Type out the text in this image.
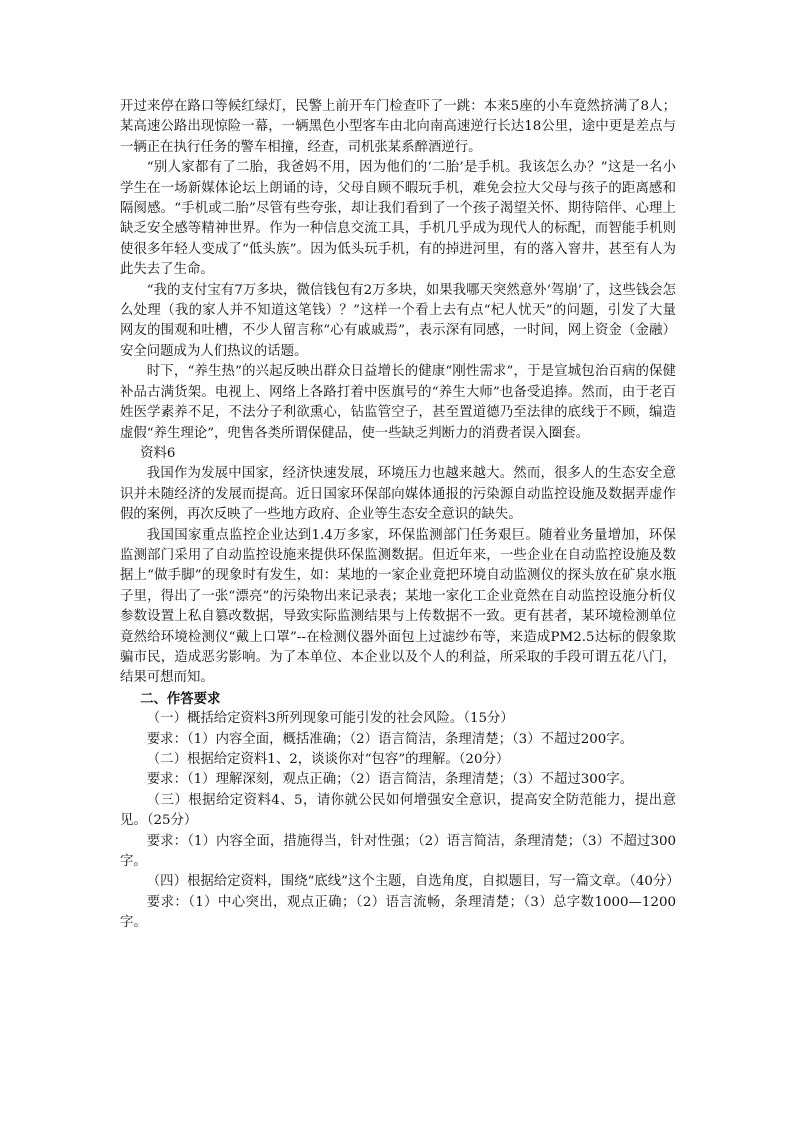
开过来停在路口等候红绿灯，民警上前开车门检查吓了一跳：本来5座的小车竟然挤满了8人；某高速公路出现惊险一幕，一辆黑色小型客车由北向南高速逆行长达18公里，途中更是差点与一辆正在执行任务的警车相撞，经查，司机张某系醉酒逆行。

“别人家都有了二胎，我爸妈不用，因为他们的‘二胎’是手机。我该怎么办？”这是一名小学生在一场新媒体论坛上朗诵的诗，父母自顾不暇玩手机，难免会拉大父母与孩子的距离感和隔阂感。“手机或二胎”尽管有些夸张，却让我们看到了一个孩子渴望关怀、期待陪伴、心理上缺乏安全感等精神世界。作为一种信息交流工具，手机几乎成为现代人的标配，而智能手机则使很多年轻人变成了“低头族”。因为低头玩手机，有的掉进河里，有的落入窨井，甚至有人为此失去了生命。

“我的支付宝有7万多块，微信钱包有2万多块，如果我哪天突然意外‘驾崩’了，这些钱会怎么处理（我的家人并不知道这笔钱）？”这样一个看上去有点“杞人忧天”的问题，引发了大量网友的围观和吐槽，不少人留言称“心有戚戚焉”，表示深有同感，一时间，网上资金（金融）安全问题成为人们热议的话题。

时下，“养生热”的兴起反映出群众日益增长的健康“刚性需求”，于是宣城包治百病的保健补品古满货架。电视上、网络上各路打着中医旗号的“养生大师”也备受追捧。然而，由于老百姓医学素养不足，不法分子利欲熏心，钻监管空子，甚至置道德乃至法律的底线于不顾，编造虚假“养生理论”，兜售各类所谓保健品，使一些缺乏判断力的消费者误入圈套。

资料6

我国作为发展中国家，经济快速发展，环境压力也越来越大。然而，很多人的生态安全意识并未随经济的发展而提高。近日国家环保部向媒体通报的污染源自动监控设施及数据弄虚作假的案例，再次反映了一些地方政府、企业等生态安全意识的缺失。

我国国家重点监控企业达到1.4万多家，环保监测部门任务艰巨。随着业务量增加，环保监测部门采用了自动监控设施来提供环保监测数据。但近年来，一些企业在自动监控设施及数据上“做手脚”的现象时有发生，如：某地的一家企业竟把环境自动监测仪的探头放在矿泉水瓶子里，得出了一张“漂亮”的污染物出来记录表；某地一家化工企业竟然在自动监控设施分析仪参数设置上私自篡改数据，导致实际监测结果与上传数据不一致。更有甚者，某环境检测单位竟然给环境检测仪“戴上口罩”--在检测仪器外面包上过滤纱布等，来造成PM2.5达标的假象欺骗市民，造成恶劣影响。为了本单位、本企业以及个人的利益，所采取的手段可谓五花八门，结果可想而知。

二、作答要求

（一）概括给定资料3所列现象可能引发的社会风险。（15分）

要求：（1）内容全面，概括准确；（2）语言简洁，条理清楚；（3）不超过200字。

（二）根据给定资料1、2，谈谈你对“包容”的理解。（20分）

要求：（1）理解深刻，观点正确；（2）语言简洁，条理清楚；（3）不超过300字。

（三）根据给定资料4、5，请你就公民如何增强安全意识，提高安全防范能力，提出意见。（25分）

要求：（1）内容全面，措施得当，针对性强；（2）语言简洁，条理清楚；（3）不超过300字。

（四）根据给定资料，围绕“底线”这个主题，自选角度，自拟题目，写一篇文章。（40分）

要求：（1）中心突出，观点正确；（2）语言流畅，条理清楚；（3）总字数1000—1200字。
